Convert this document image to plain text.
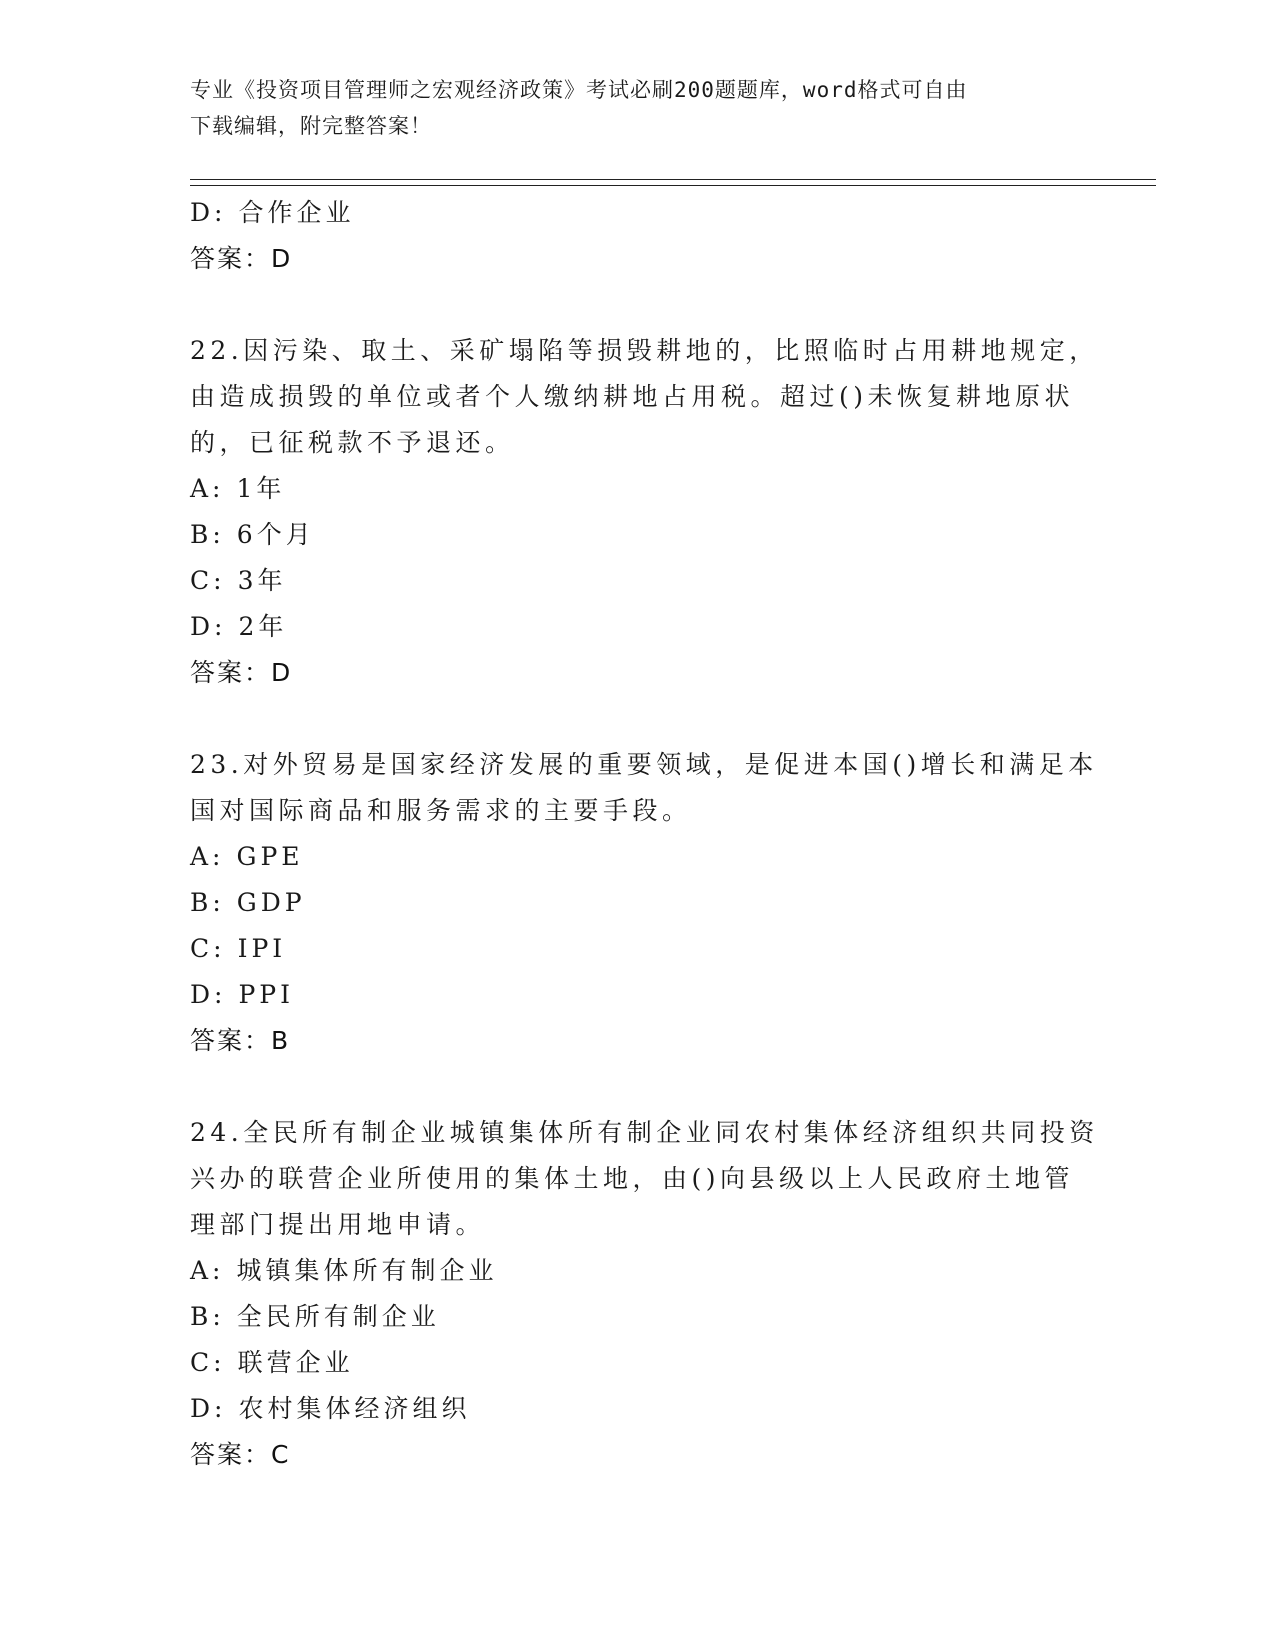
专业《投资项目管理师之宏观经济政策》考试必刷200题题库，word格式可自由
下载编辑，附完整答案！
D: 合作企业
答案：D
22.因污染、取土、采矿塌陷等损毁耕地的，比照临时占用耕地规定，
由造成损毁的单位或者个人缴纳耕地占用税。超过()未恢复耕地原状
的，已征税款不予退还。
A: 1年
B: 6个月
C: 3年
D: 2年
答案：D
23.对外贸易是国家经济发展的重要领域，是促进本国()增长和满足本
国对国际商品和服务需求的主要手段。
A: GPE
B: GDP
C: IPI
D: PPI
答案：B
24.全民所有制企业城镇集体所有制企业同农村集体经济组织共同投资
兴办的联营企业所使用的集体土地，由()向县级以上人民政府土地管
理部门提出用地申请。
A: 城镇集体所有制企业
B: 全民所有制企业
C: 联营企业
D: 农村集体经济组织
答案：C
